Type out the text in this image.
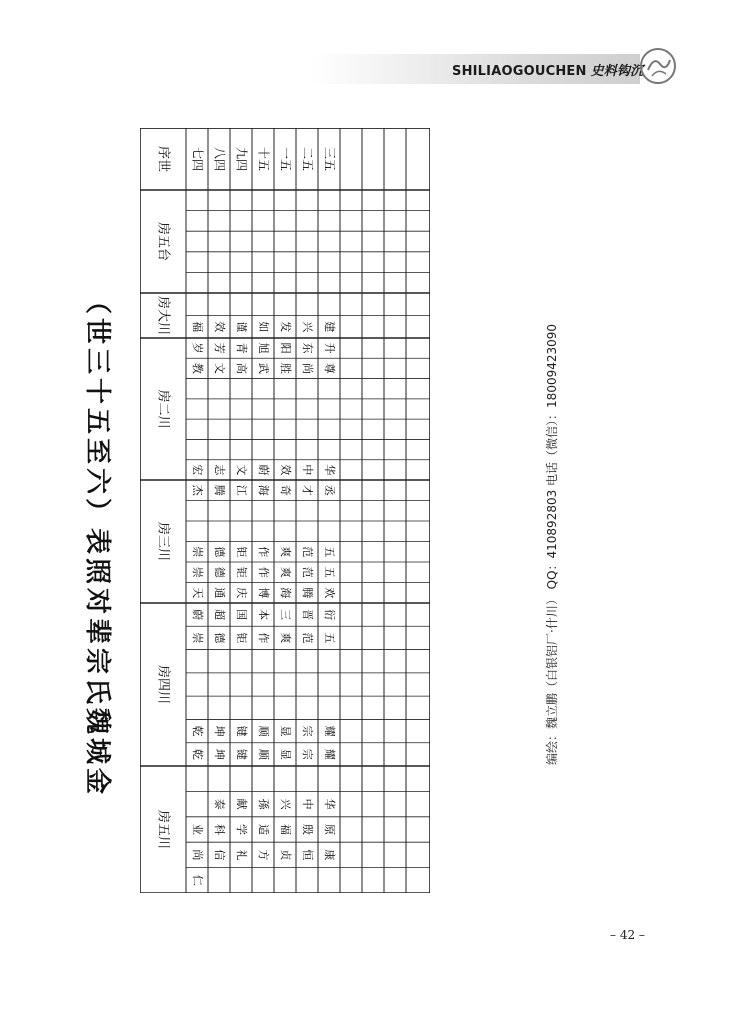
SHILIAOGOUCHEN 史料钩沉
（世三十五至六）表照对辈宗氏魏城金
房五川
房四川
房三川
房二川
房大川
房五台
序世 七四 八四 九四 十五 一五 二五 三五
仁
尚
业
乾
乾
崇
蔚
天
崇
崇
杰
宏
教
岁
福
信
科
泰
坤
坤
德
超
通
德
德
腾
志
文
芳
效
礼
学
献
键
键
钜
国
庆
钜
钜
江
文
高
青
谨
方
适
孫
顺
顺
作
本
博
作
作
海
蔚
武
旭
如
贞
福
兴
显
显
爽
三
海
爽
爽
奇
效
胜
阳
发
恒
殷
中
宗
宗
范
晋
腾
范
范
才
中
尚
东
兴
康
原
华
耀
耀
五
衍
欢
五
五
丞
华
尊
升
建	编绘：魏立鹏（白银铝厂·什川） QQ：410892803 电话（微信）：18009423090
– 42 –
